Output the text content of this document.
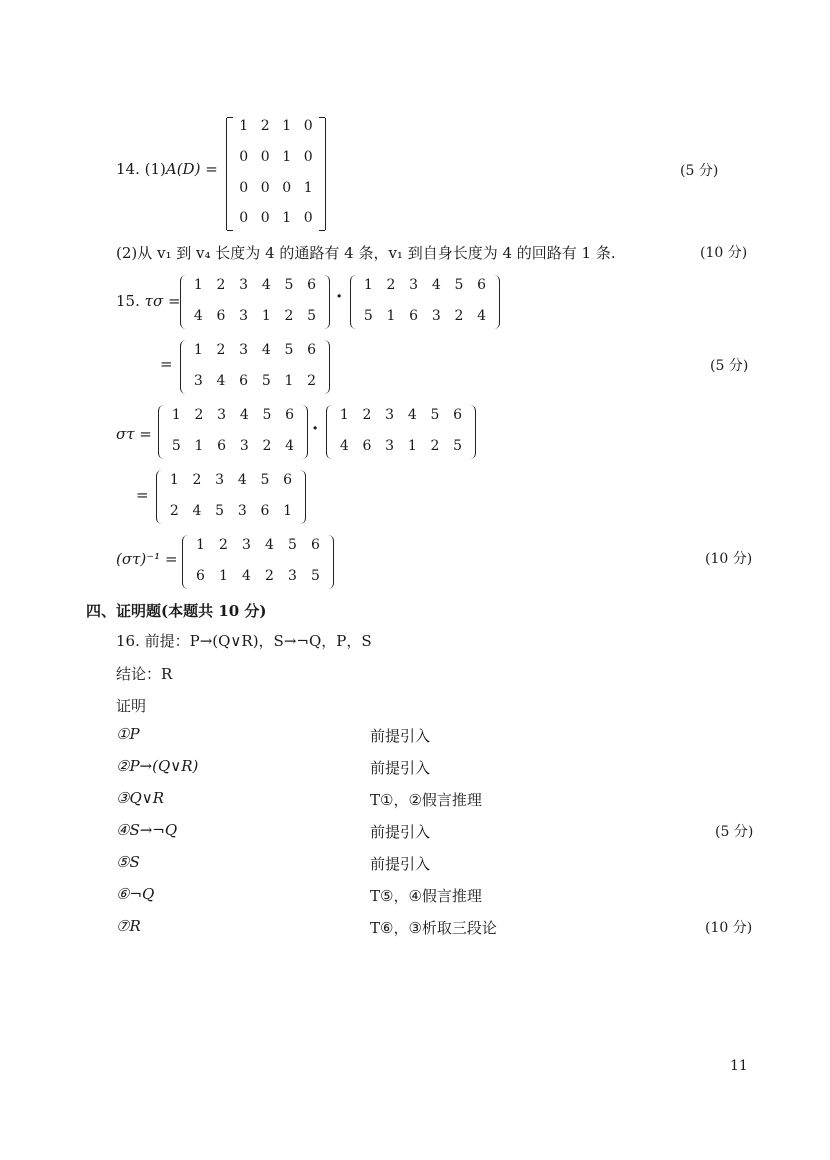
14. (1)A(D) =
1 2 1 0
0 0 1 0
0 0 0 1
0 0 1 0
(5 分)
(2)从 v₁ 到 v₄ 长度为 4 的通路有 4 条，v₁ 到自身长度为 4 的回路有 1 条.	(10 分)
15. τσ =
1 2 3 4 5 6
4 6 3 1 2 5
·
1 2 3 4 5 6
5 1 6 3 2 4
=
1 2 3 4 5 6
3 4 6 5 1 2
(5 分)
στ =
1 2 3 4 5 6
5 1 6 3 2 4
·
1 2 3 4 5 6
4 6 3 1 2 5
=
1 2 3 4 5 6
2 4 5 3 6 1
(στ)⁻¹ =
1	2	3	4	5	6
6	1	4	2	3	5
(10 分)
四、证明题(本题共 10 分)
16. 前提：P→(Q∨R)，S→¬Q，P，S
结论：R
证明
①P	前提引入
②P→(Q∨R)	前提引入
③Q∨R	T①，②假言推理
④S→¬Q	前提引入	(5 分)
⑤S	前提引入
⑥¬Q	T⑤，④假言推理
⑦R	T⑥，③析取三段论	(10 分)
11
